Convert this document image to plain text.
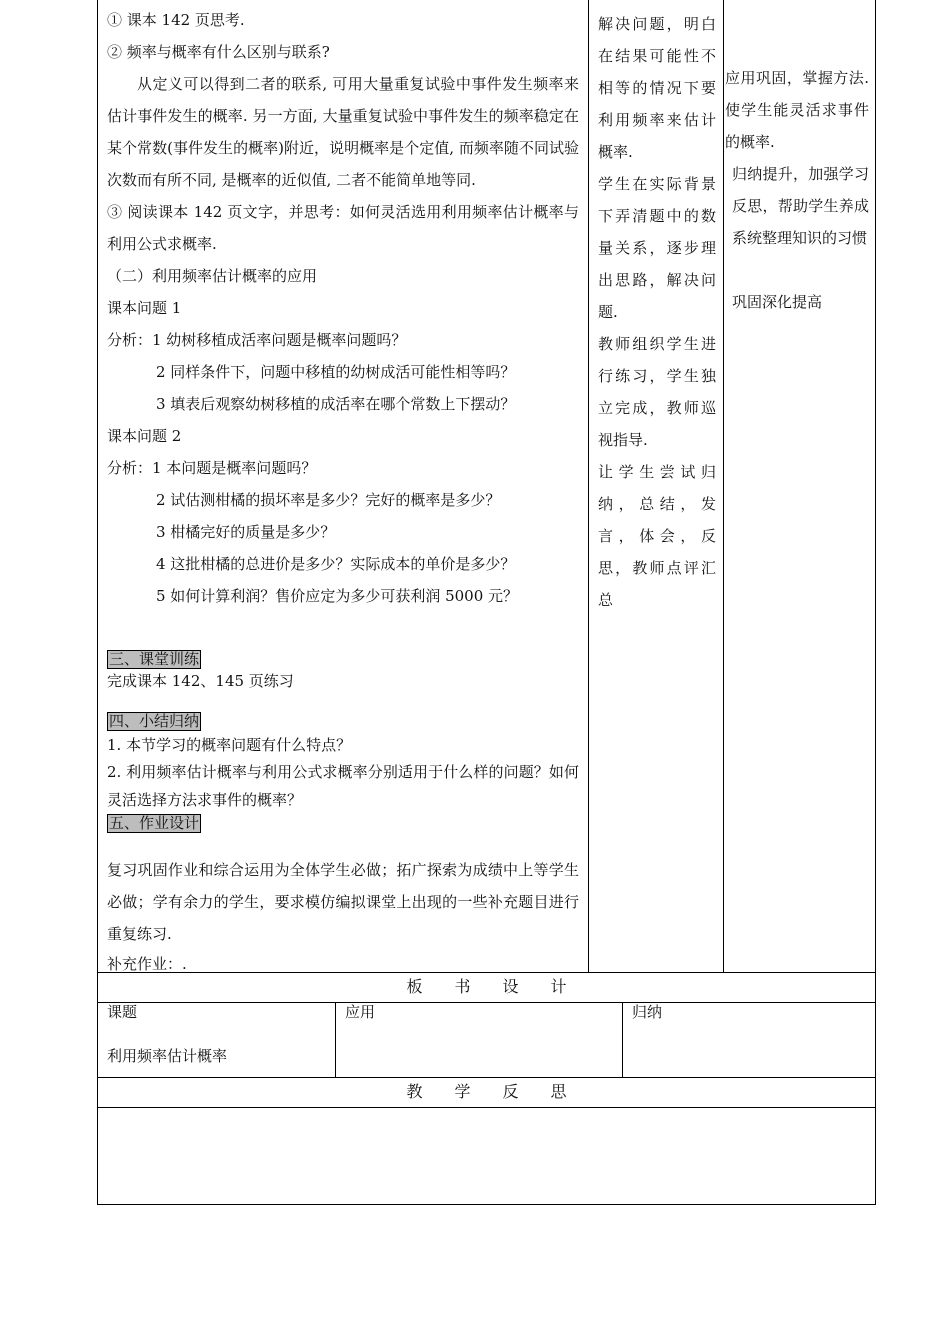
① 课本 142 页思考.

② 频率与概率有什么区别与联系?

从定义可以得到二者的联系, 可用大量重复试验中事件发生频率来估计事件发生的概率. 另一方面, 大量重复试验中事件发生的频率稳定在某个常数(事件发生的概率)附近，说明概率是个定值, 而频率随不同试验次数而有所不同, 是概率的近似值, 二者不能简单地等同.

③ 阅读课本 142 页文字，并思考：如何灵活选用利用频率估计概率与利用公式求概率.

（二）利用频率估计概率的应用

课本问题 1

分析：1 幼树移植成活率问题是概率问题吗？

2 同样条件下，问题中移植的幼树成活可能性相等吗？

3 填表后观察幼树移植的成活率在哪个常数上下摆动？

课本问题 2

分析：1 本问题是概率问题吗？

2 试估测柑橘的损坏率是多少？完好的概率是多少？

3 柑橘完好的质量是多少？

4 这批柑橘的总进价是多少？实际成本的单价是多少？

5 如何计算利润？售价应定为多少可获利润 5000 元？

三、课堂训练

完成课本 142、145 页练习

四、小结归纳

1. 本节学习的概率问题有什么特点？

2. 利用频率估计概率与利用公式求概率分别适用于什么样的问题？如何灵活选择方法求事件的概率？

五、作业设计

复习巩固作业和综合运用为全体学生必做；拓广探索为成绩中上等学生必做；学有余力的学生，要求模仿编拟课堂上出现的一些补充题目进行重复练习.

补充作业：.

解决问题，明白在结果可能性不相等的情况下要利用频率来估计概率.

学生在实际背景下弄清题中的数量关系，逐步理出思路，解决问题.

教师组织学生进行练习，学生独立完成，教师巡视指导.

让学生尝试归纳，总结，发言，体会，反思，教师点评汇总

应用巩固，掌握方法. 使学生能灵活求事件的概率.

归纳提升，加强学习反思，帮助学生养成系统整理知识的习惯

巩固深化提高

板　　书　　设　　计
课题
利用频率估计概率
应用	归纳
教　　学　　反　　思
